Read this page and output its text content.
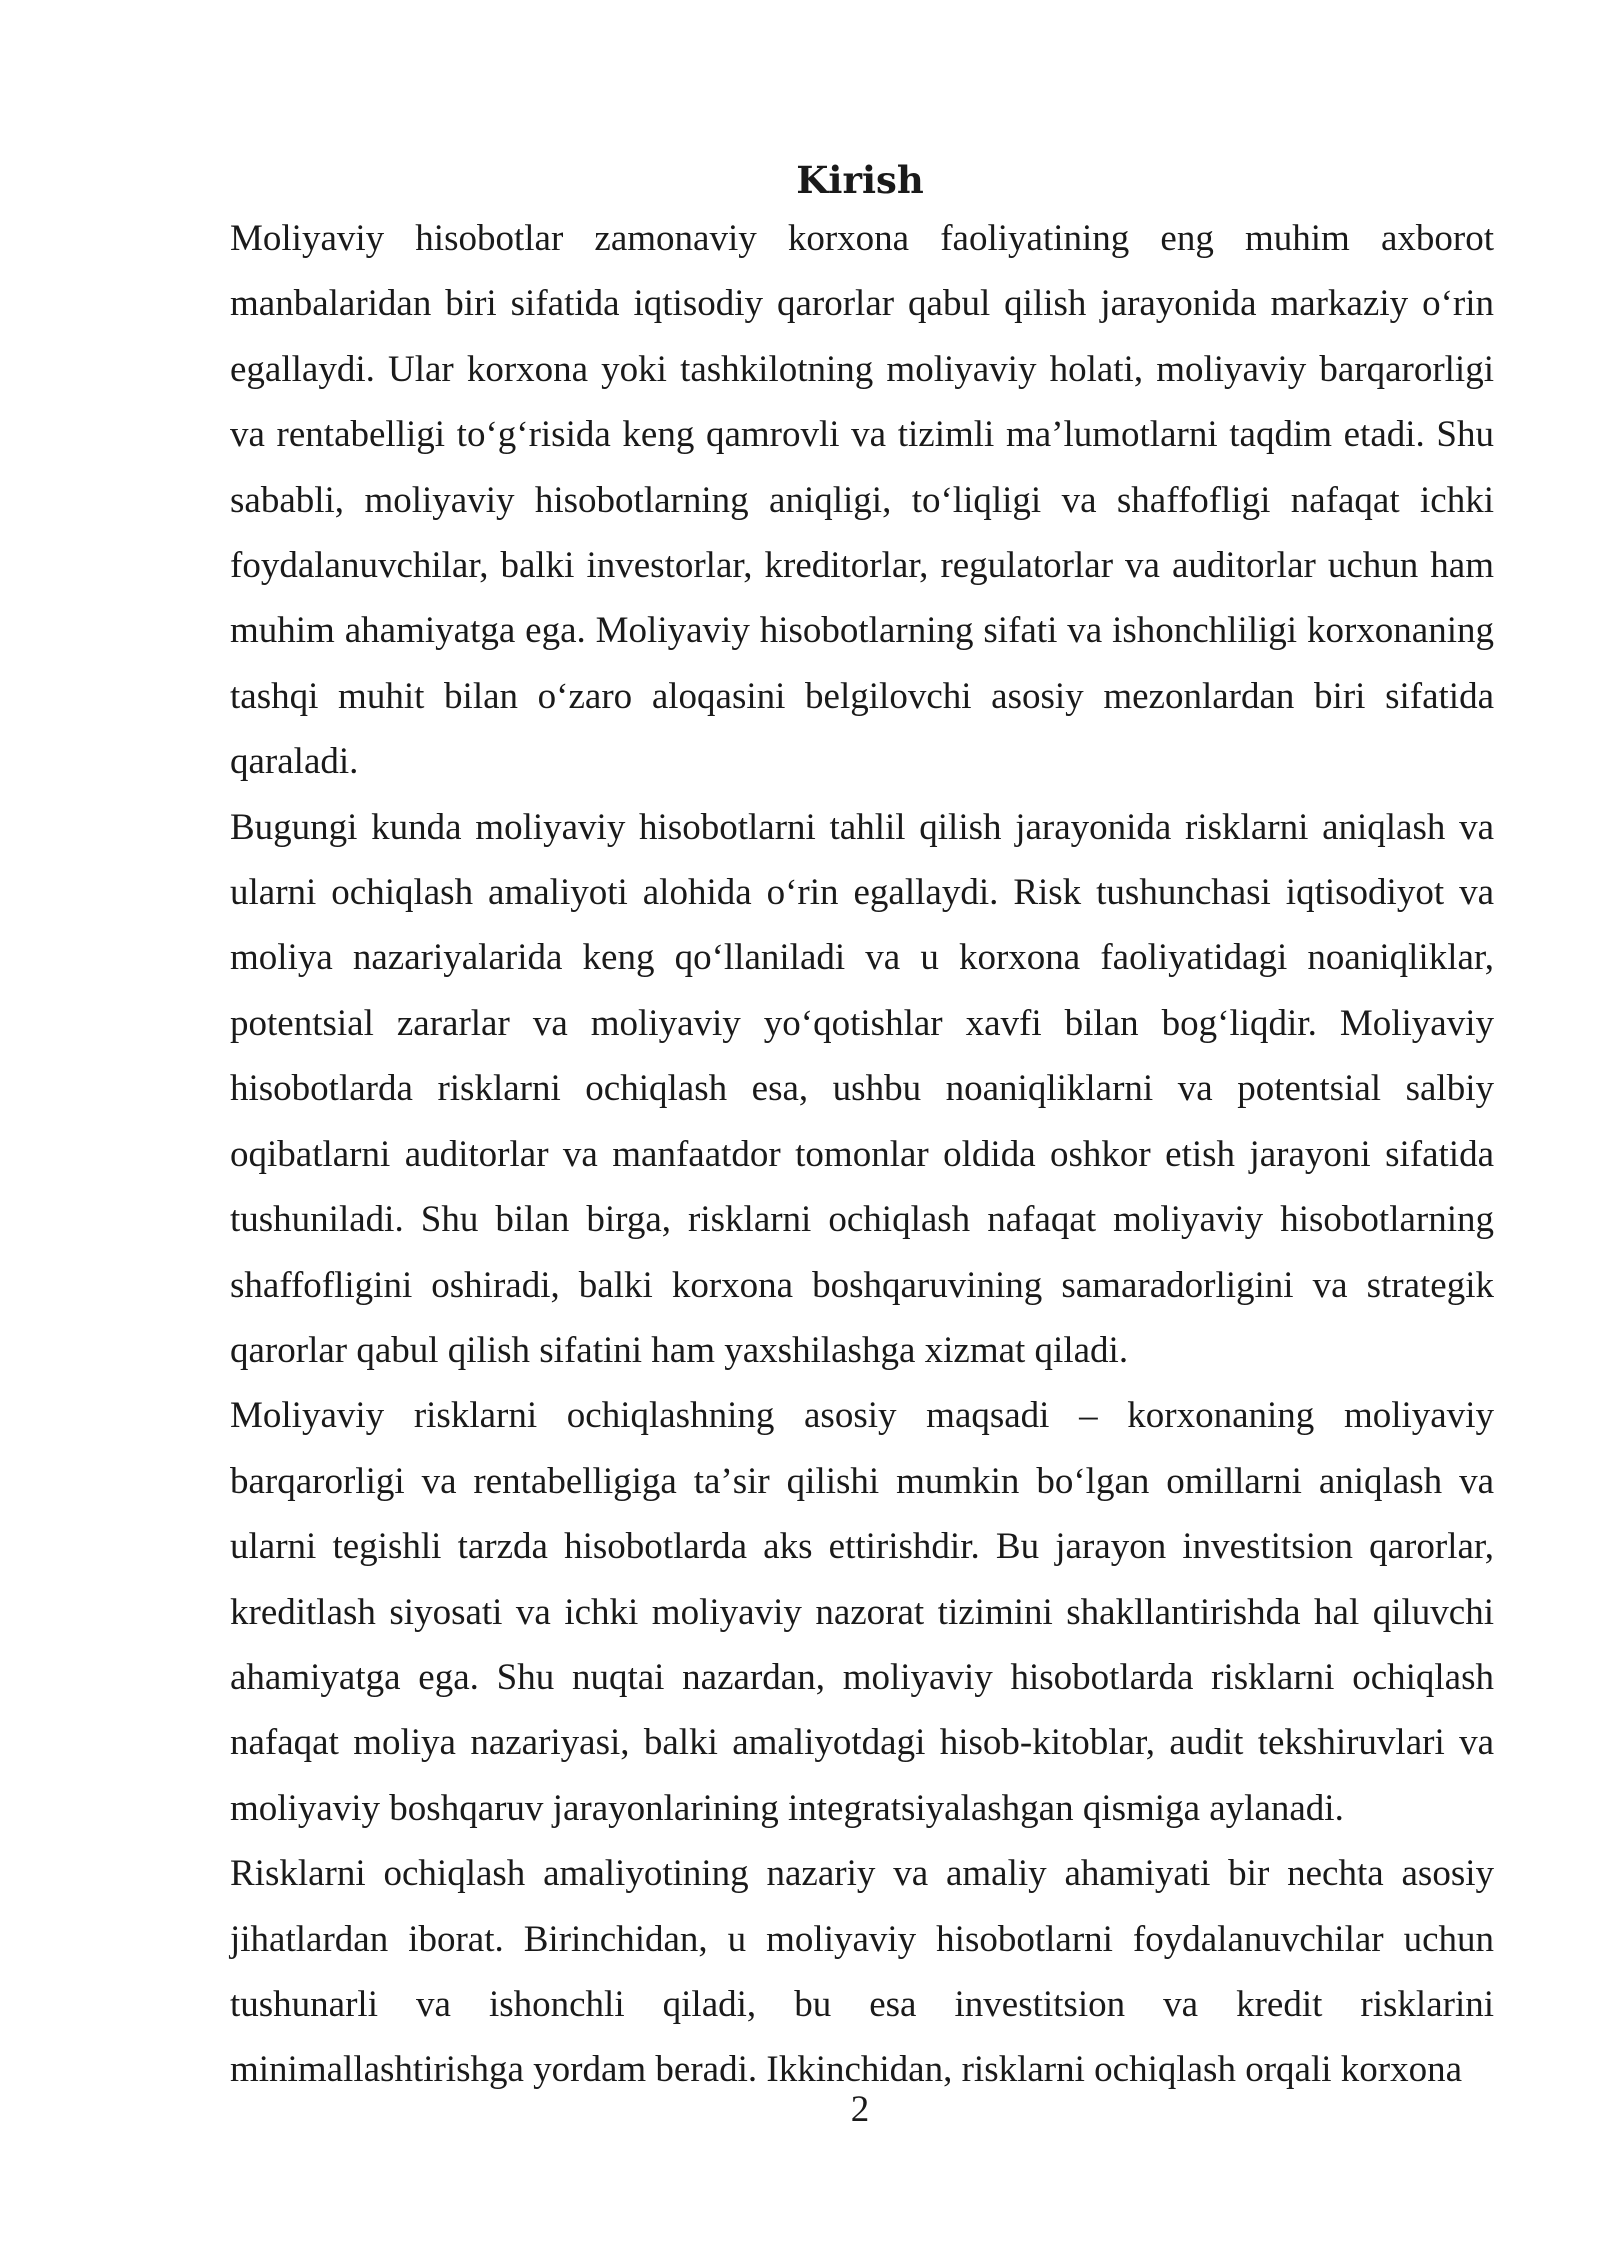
Kirish

Moliyaviy hisobotlar zamonaviy korxona faoliyatining eng muhim axborot manbalaridan biri sifatida iqtisodiy qarorlar qabul qilish jarayonida markaziy oʻrin egallaydi. Ular korxona yoki tashkilotning moliyaviy holati, moliyaviy barqarorligi va rentabelligi toʻgʻrisida keng qamrovli va tizimli maʼlumotlarni taqdim etadi. Shu sababli, moliyaviy hisobotlarning aniqligi, toʻliqligi va shaffofligi nafaqat ichki foydalanuvchilar, balki investorlar, kreditorlar, regulatorlar va auditorlar uchun ham muhim ahamiyatga ega. Moliyaviy hisobotlarning sifati va ishonchliligi korxonaning tashqi muhit bilan oʻzaro aloqasini belgilovchi asosiy mezonlardan biri sifatida qaraladi.

Bugungi kunda moliyaviy hisobotlarni tahlil qilish jarayonida risklarni aniqlash va ularni ochiqlash amaliyoti alohida oʻrin egallaydi. Risk tushunchasi iqtisodiyot va moliya nazariyalarida keng qoʻllaniladi va u korxona faoliyatidagi noaniqliklar, potentsial zararlar va moliyaviy yoʻqotishlar xavfi bilan bogʻliqdir. Moliyaviy hisobotlarda risklarni ochiqlash esa, ushbu noaniqliklarni va potentsial salbiy oqibatlarni auditorlar va manfaatdor tomonlar oldida oshkor etish jarayoni sifatida tushuniladi. Shu bilan birga, risklarni ochiqlash nafaqat moliyaviy hisobotlarning shaffofligini oshiradi, balki korxona boshqaruvining samaradorligini va strategik qarorlar qabul qilish sifatini ham yaxshilashga xizmat qiladi.

Moliyaviy risklarni ochiqlashning asosiy maqsadi – korxonaning moliyaviy barqarorligi va rentabelligiga taʼsir qilishi mumkin boʻlgan omillarni aniqlash va ularni tegishli tarzda hisobotlarda aks ettirishdir. Bu jarayon investitsion qarorlar, kreditlash siyosati va ichki moliyaviy nazorat tizimini shakllantirishda hal qiluvchi ahamiyatga ega. Shu nuqtai nazardan, moliyaviy hisobotlarda risklarni ochiqlash nafaqat moliya nazariyasi, balki amaliyotdagi hisob-kitoblar, audit tekshiruvlari va moliyaviy boshqaruv jarayonlarining integratsiyalashgan qismiga aylanadi.

Risklarni ochiqlash amaliyotining nazariy va amaliy ahamiyati bir nechta asosiy jihatlardan iborat. Birinchidan, u moliyaviy hisobotlarni foydalanuvchilar uchun tushunarli va ishonchli qiladi, bu esa investitsion va kredit risklarini minimallashtirishga yordam beradi. Ikkinchidan, risklarni ochiqlash orqali korxona

2
